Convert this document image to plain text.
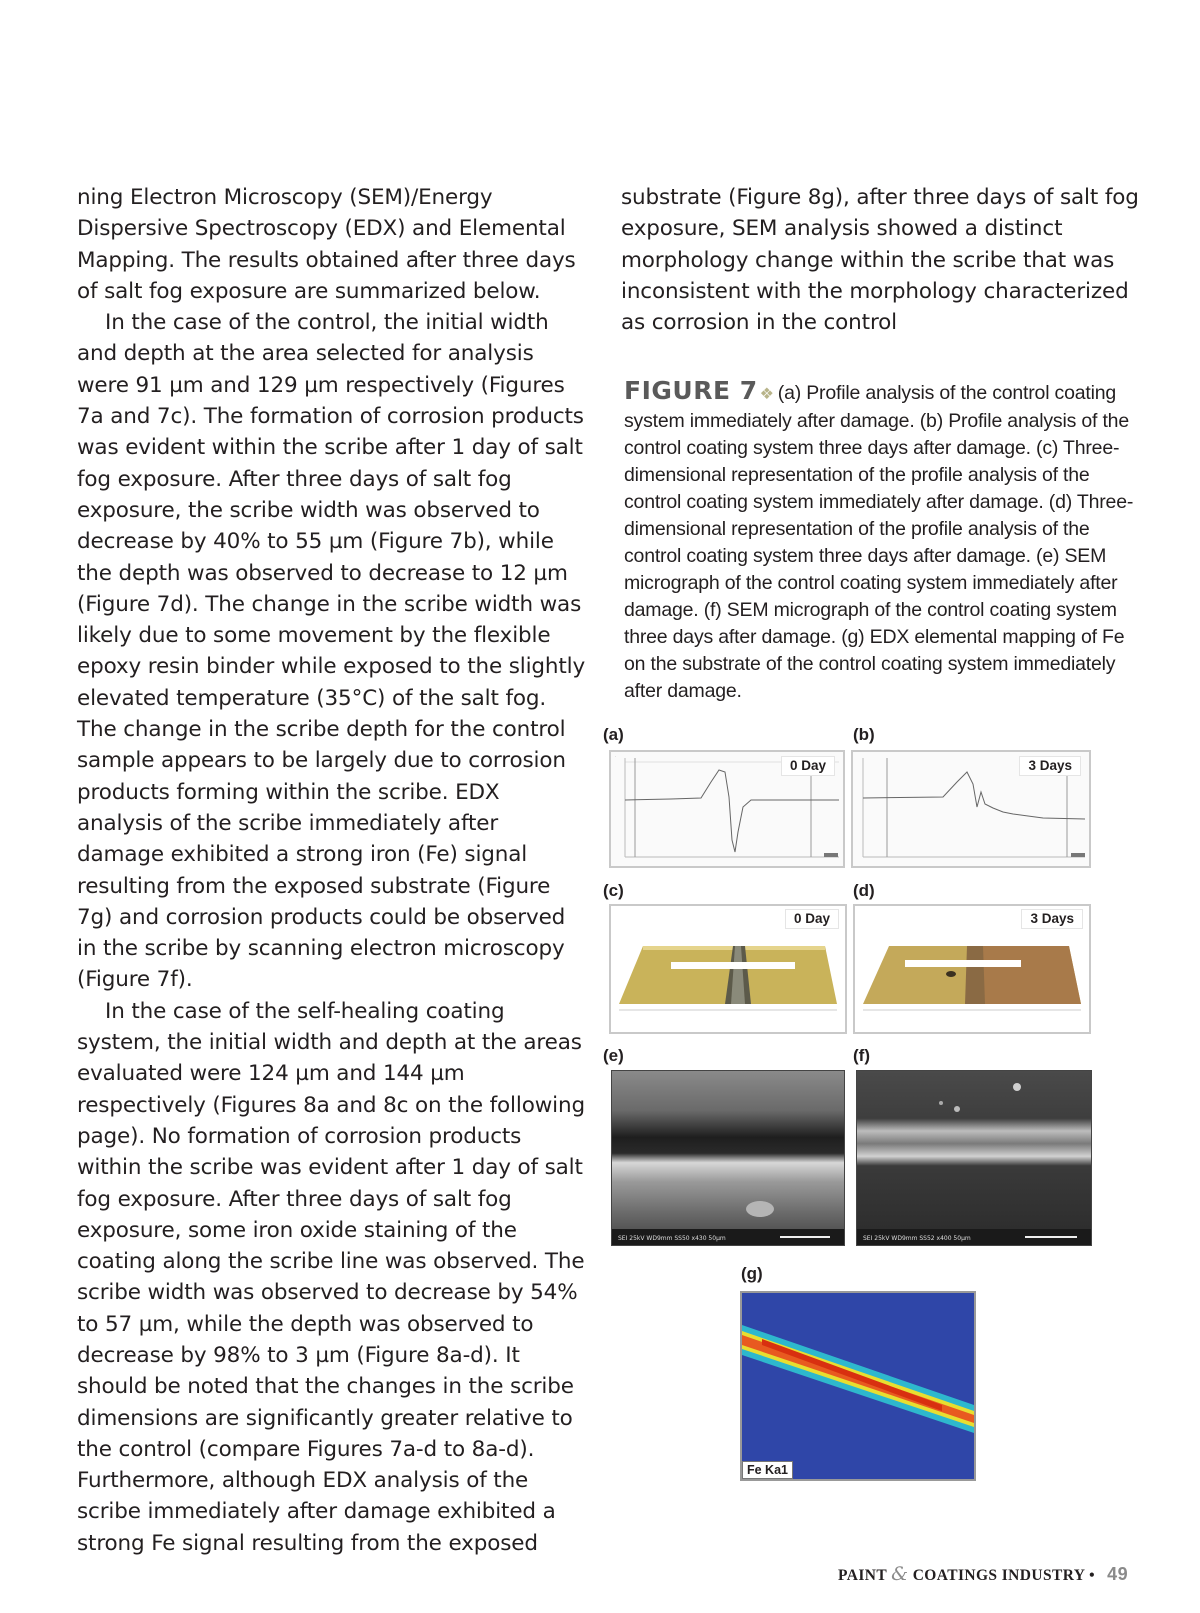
ning Electron Microscopy (SEM)/Energy Dispersive Spectroscopy (EDX) and Elemental Mapping. The results obtained after three days of salt fog exposure are summarized below.

In the case of the control, the initial width and depth at the area selected for analysis were 91 µm and 129 µm respectively (Figures 7a and 7c). The formation of corrosion products was evident within the scribe after 1 day of salt fog exposure. After three days of salt fog exposure, the scribe width was observed to decrease by 40% to 55 µm (Figure 7b), while the depth was observed to decrease to 12 µm (Figure 7d). The change in the scribe width was likely due to some movement by the flexible epoxy resin binder while exposed to the slightly elevated temperature (35°C) of the salt fog. The change in the scribe depth for the control sample appears to be largely due to corrosion products forming within the scribe. EDX analysis of the scribe immediately after damage exhibited a strong iron (Fe) signal resulting from the exposed substrate (Figure 7g) and corrosion products could be observed in the scribe by scanning electron microscopy (Figure 7f).

In the case of the self-healing coating system, the initial width and depth at the areas evaluated were 124 µm and 144 µm respectively (Figures 8a and 8c on the following page). No formation of corrosion products within the scribe was evident after 1 day of salt fog exposure. After three days of salt fog exposure, some iron oxide staining of the coating along the scribe line was observed. The scribe width was observed to decrease by 54% to 57 µm, while the depth was observed to decrease by 98% to 3 µm (Figure 8a-d). It should be noted that the changes in the scribe dimensions are significantly greater relative to the control (compare Figures 7a-d to 8a-d). Furthermore, although EDX analysis of the scribe immediately after damage exhibited a strong Fe signal resulting from the exposed

substrate (Figure 8g), after three days of salt fog exposure, SEM analysis showed a distinct morphology change within the scribe that was inconsistent with the morphology characterized as corrosion in the control

FIGURE 7 ❖ (a) Profile analysis of the control coating system immediately after damage. (b) Profile analysis of the control coating system three days after damage. (c) Three-dimensional representation of the profile analysis of the control coating system immediately after damage. (d) Three-dimensional representation of the profile analysis of the control coating system three days after damage. (e) SEM micrograph of the control coating system immediately after damage. (f) SEM micrograph of the control coating system three days after damage. (g) EDX elemental mapping of Fe on the substrate of the control coating system immediately after damage.
(a)	(b)
(c)	(d)
(e)	(f)
(g)
·
0 Day	3 Days
0 Day	3 Days
SEI 25kV WD9mm SS50 x430 50µm	SEI 25kV WD9mm SS52 x400 50µm
Fe Ka1
PAINT & COATINGS INDUSTRY • 49
